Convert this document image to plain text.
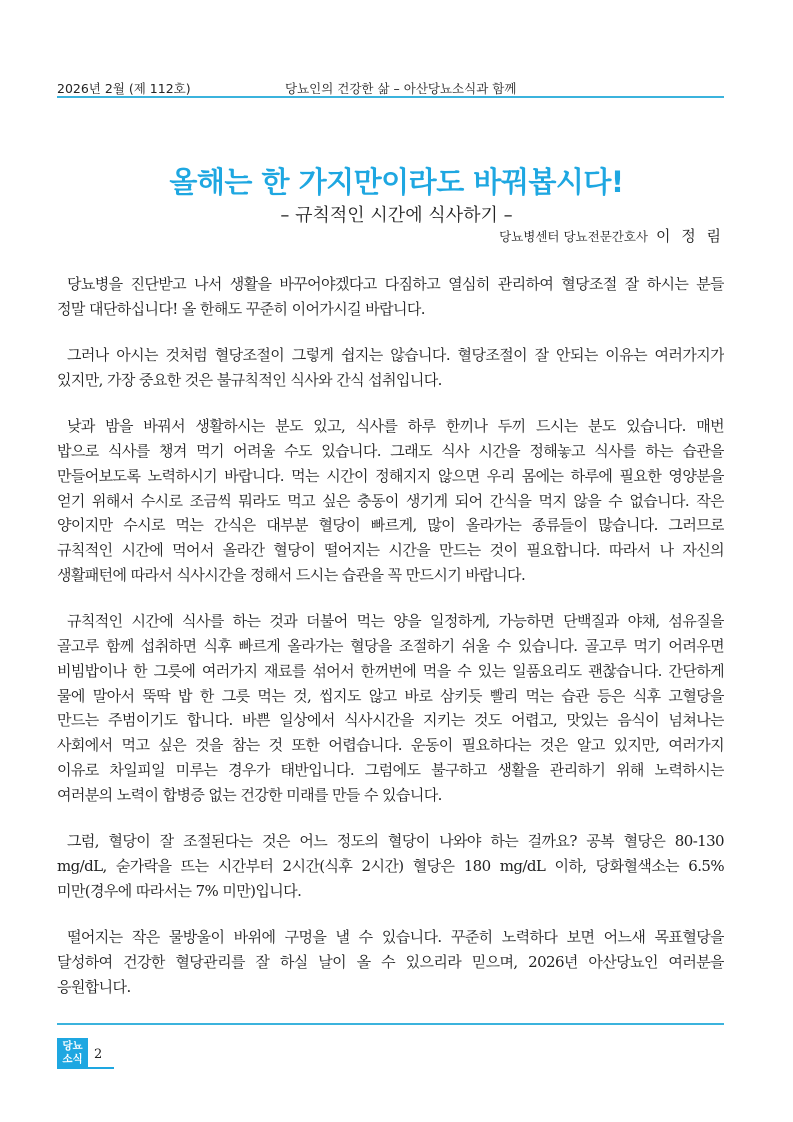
2026년 2월 (제 112호)	당뇨인의 건강한 삶 – 아산당뇨소식과 함께
올해는 한 가지만이라도 바꿔봅시다!
– 규칙적인 시간에 식사하기 –
당뇨병센터 당뇨전문간호사 이 정 림
당뇨병을 진단받고 나서 생활을 바꾸어야겠다고 다짐하고 열심히 관리하여 혈당조절 잘 하시는 분들
정말 대단하십니다! 올 한해도 꾸준히 이어가시길 바랍니다.
그러나 아시는 것처럼 혈당조절이 그렇게 쉽지는 않습니다. 혈당조절이 잘 안되는 이유는 여러가지가
있지만, 가장 중요한 것은 불규칙적인 식사와 간식 섭취입니다.
낮과 밤을 바꿔서 생활하시는 분도 있고, 식사를 하루 한끼나 두끼 드시는 분도 있습니다. 매번
밥으로 식사를 챙겨 먹기 어려울 수도 있습니다. 그래도 식사 시간을 정해놓고 식사를 하는 습관을
만들어보도록 노력하시기 바랍니다. 먹는 시간이 정해지지 않으면 우리 몸에는 하루에 필요한 영양분을
얻기 위해서 수시로 조금씩 뭐라도 먹고 싶은 충동이 생기게 되어 간식을 먹지 않을 수 없습니다. 작은
양이지만 수시로 먹는 간식은 대부분 혈당이 빠르게, 많이 올라가는 종류들이 많습니다. 그러므로
규칙적인 시간에 먹어서 올라간 혈당이 떨어지는 시간을 만드는 것이 필요합니다. 따라서 나 자신의
생활패턴에 따라서 식사시간을 정해서 드시는 습관을 꼭 만드시기 바랍니다.
규칙적인 시간에 식사를 하는 것과 더불어 먹는 양을 일정하게, 가능하면 단백질과 야채, 섬유질을
골고루 함께 섭취하면 식후 빠르게 올라가는 혈당을 조절하기 쉬울 수 있습니다. 골고루 먹기 어려우면
비빔밥이나 한 그릇에 여러가지 재료를 섞어서 한꺼번에 먹을 수 있는 일품요리도 괜찮습니다. 간단하게
물에 말아서 뚝딱 밥 한 그릇 먹는 것, 씹지도 않고 바로 삼키듯 빨리 먹는 습관 등은 식후 고혈당을
만드는 주범이기도 합니다. 바쁜 일상에서 식사시간을 지키는 것도 어렵고, 맛있는 음식이 넘쳐나는
사회에서 먹고 싶은 것을 참는 것 또한 어렵습니다. 운동이 필요하다는 것은 알고 있지만, 여러가지
이유로 차일피일 미루는 경우가 태반입니다. 그럼에도 불구하고 생활을 관리하기 위해 노력하시는
여러분의 노력이 합병증 없는 건강한 미래를 만들 수 있습니다.
그럼, 혈당이 잘 조절된다는 것은 어느 정도의 혈당이 나와야 하는 걸까요? 공복 혈당은 80-130
mg/dL, 숟가락을 뜨는 시간부터 2시간(식후 2시간) 혈당은 180 mg/dL 이하, 당화혈색소는 6.5%
미만(경우에 따라서는 7% 미만)입니다.
떨어지는 작은 물방울이 바위에 구멍을 낼 수 있습니다. 꾸준히 노력하다 보면 어느새 목표혈당을
달성하여 건강한 혈당관리를 잘 하실 날이 올 수 있으리라 믿으며, 2026년 아산당뇨인 여러분을
응원합니다.
당뇨
소식 2
